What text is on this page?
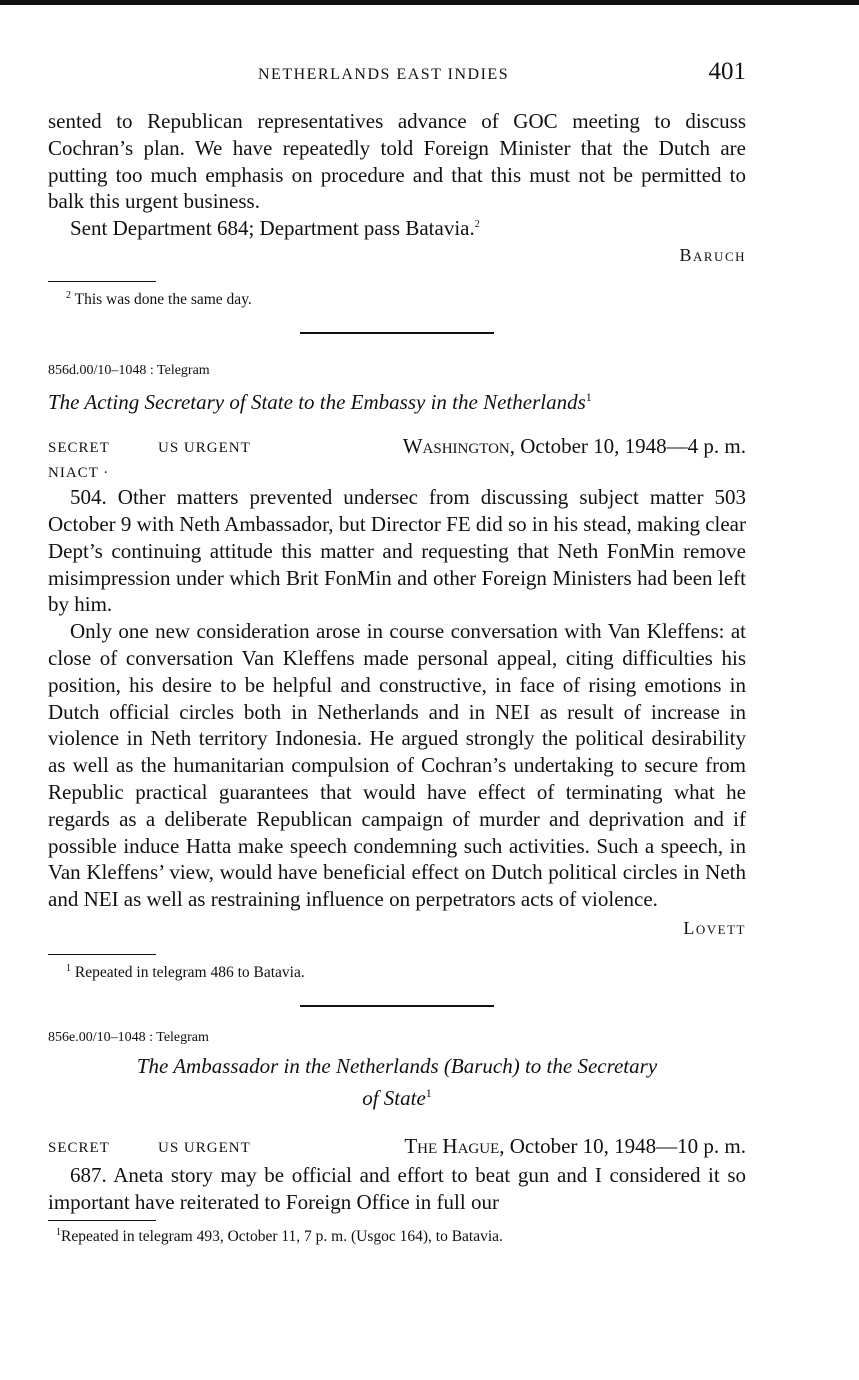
NETHERLANDS EAST INDIES	401

sented to Republican representatives advance of GOC meeting to discuss Cochran’s plan. We have repeatedly told Foreign Minister that the Dutch are putting too much emphasis on procedure and that this must not be permitted to balk this urgent business.

Sent Department 684; Department pass Batavia.$^2$

Baruch

$^2$ This was done the same day.
856d.00/10–1048 : Telegram
The Acting Secretary of State to the Embassy in the Netherlands$^1$
SECRET	US URGENT	Washington, October 10, 1948—4 p. m.
NIACT ·

504. Other matters prevented undersec from discussing subject matter 503 October 9 with Neth Ambassador, but Director FE did so in his stead, making clear Dept’s continuing attitude this matter and requesting that Neth FonMin remove misimpression under which Brit FonMin and other Foreign Ministers had been left by him.

Only one new consideration arose in course conversation with Van Kleffens: at close of conversation Van Kleffens made personal appeal, citing difficulties his position, his desire to be helpful and constructive, in face of rising emotions in Dutch official circles both in Netherlands and in NEI as result of increase in violence in Neth territory Indonesia. He argued strongly the political desirability as well as the humanitarian compulsion of Cochran’s undertaking to secure from Republic practical guarantees that would have effect of terminating what he regards as a deliberate Republican campaign of murder and deprivation and if possible induce Hatta make speech condemning such activities. Such a speech, in Van Kleffens’ view, would have beneficial effect on Dutch political circles in Neth and NEI as well as restraining influence on perpetrators acts of violence.

Lovett

$^1$ Repeated in telegram 486 to Batavia.
856e.00/10–1048 : Telegram
The Ambassador in the Netherlands (Baruch) to the Secretary
of State$^1$
SECRET	US URGENT	The Hague, October 10, 1948—10 p. m.

687. Aneta story may be official and effort to beat gun and I considered it so important have reiterated to Foreign Office in full our

$^1$Repeated in telegram 493, October 11, 7 p. m. (Usgoc 164), to Batavia.
